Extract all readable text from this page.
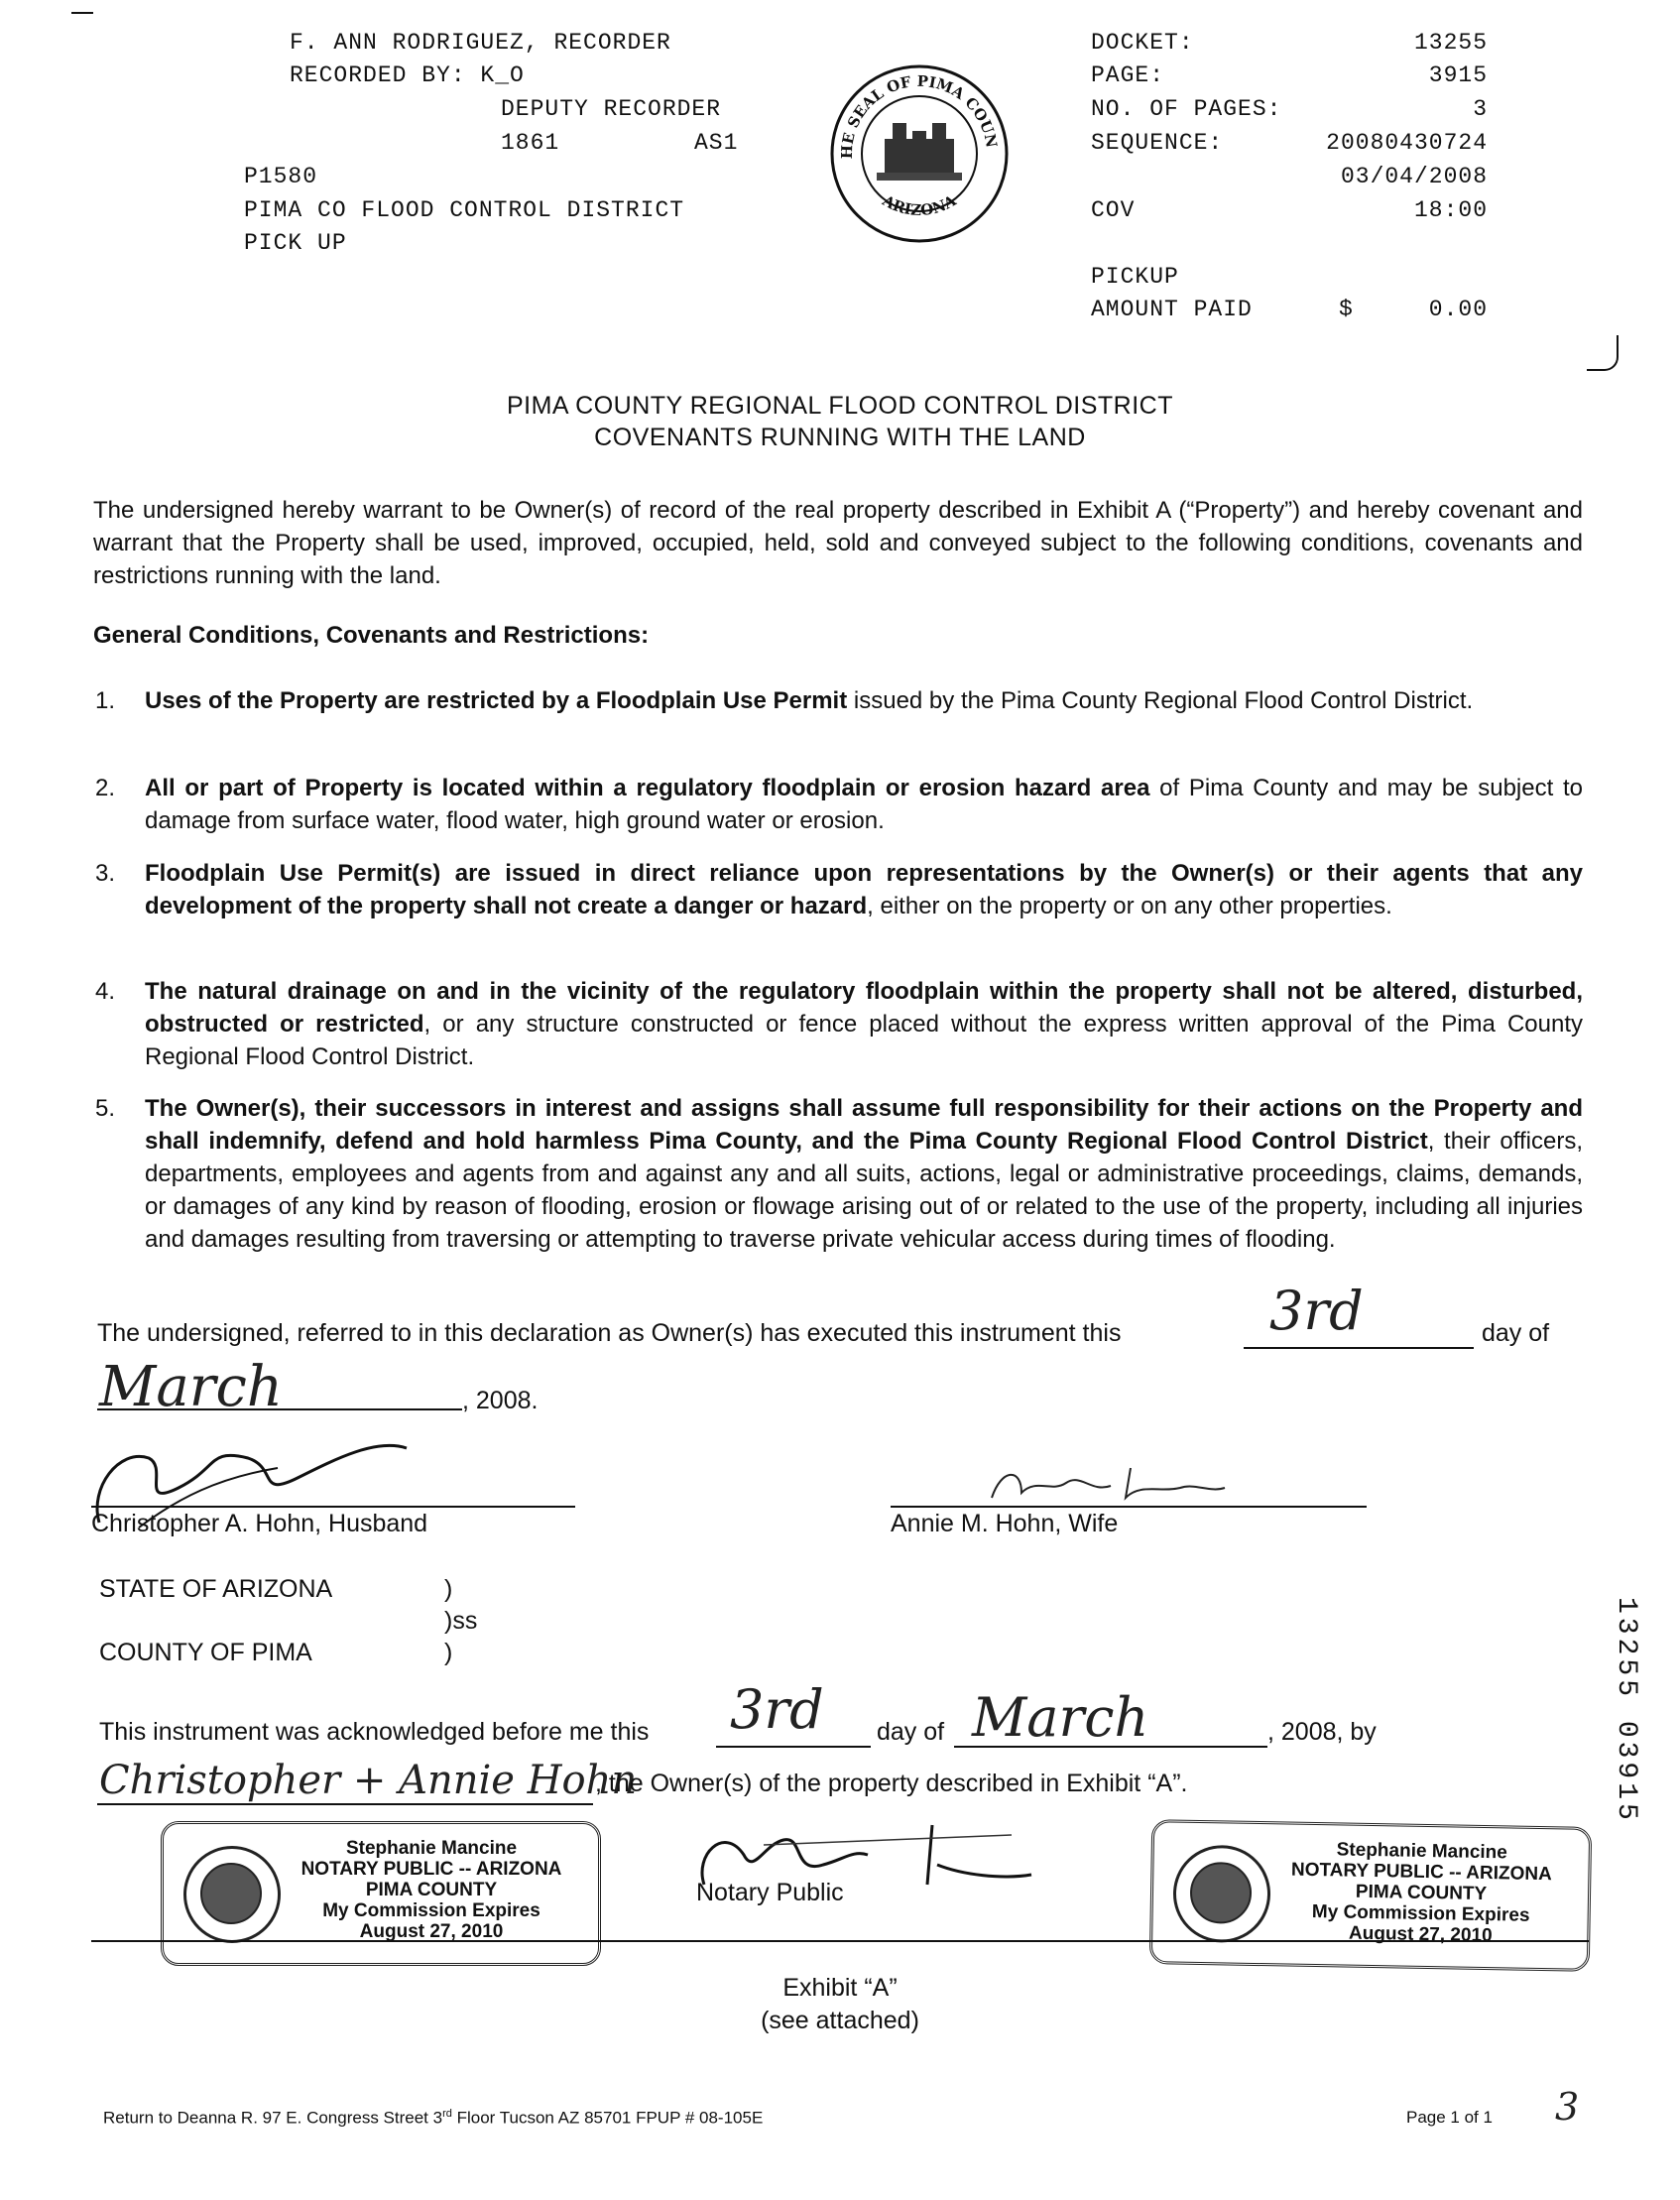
F. ANN RODRIGUEZ, RECORDER
RECORDED BY: K_O
DEPUTY RECORDER
1861	AS1
P1580
PIMA CO FLOOD CONTROL DISTRICT
PICK UP
HE SEAL OF PIMA COUN
ARIZONA
DOCKET:	13255
PAGE:	3915
NO. OF PAGES:	3
SEQUENCE:	20080430724
03/04/2008
COV	18:00
PICKUP
AMOUNT PAID	$	0.00
PIMA COUNTY REGIONAL FLOOD CONTROL DISTRICT
COVENANTS RUNNING WITH THE LAND
The undersigned hereby warrant to be Owner(s) of record of the real property described in Exhibit A (“Property”) and hereby covenant and warrant that the Property shall be used, improved, occupied, held, sold and conveyed subject to the following conditions, covenants and restrictions running with the land.
General Conditions, Covenants and Restrictions:
1. Uses of the Property are restricted by a Floodplain Use Permit issued by the Pima County Regional Flood Control District.
2. All or part of Property is located within a regulatory floodplain or erosion hazard area of Pima County and may be subject to damage from surface water, flood water, high ground water or erosion.
3. Floodplain Use Permit(s) are issued in direct reliance upon representations by the Owner(s) or their agents that any development of the property shall not create a danger or hazard, either on the property or on any other properties.
4. The natural drainage on and in the vicinity of the regulatory floodplain within the property shall not be altered, disturbed, obstructed or restricted, or any structure constructed or fence placed without the express written approval of the Pima County Regional Flood Control District.
5. The Owner(s), their successors in interest and assigns shall assume full responsibility for their actions on the Property and shall indemnify, defend and hold harmless Pima County, and the Pima County Regional Flood Control District, their officers, departments, employees and agents from and against any and all suits, actions, legal or administrative proceedings, claims, demands, or damages of any kind by reason of flooding, erosion or flowage arising out of or related to the use of the property, including all injuries and damages resulting from traversing or attempting to traverse private vehicular access during times of flooding.
The undersigned, referred to in this declaration as Owner(s) has executed this instrument this	3rd	day of
March	, 2008.
Christopher A. Hohn, Husband	Annie M. Hohn, Wife
STATE OF ARIZONA	)
)ss
COUNTY OF PIMA	)
This instrument was acknowledged before me this 3rd day of March	, 2008, by
Christopher + Annie Hohn
, the Owner(s) of the property described in Exhibit “A”.
Stephanie Mancine
NOTARY PUBLIC -- ARIZONA
PIMA COUNTY
My Commission Expires
August 27, 2010
Stephanie Mancine
NOTARY PUBLIC -- ARIZONA
PIMA COUNTY
My Commission Expires
August 27, 2010
Notary Public
Exhibit “A”
(see attached)
13255 03915
Return to Deanna R. 97 E. Congress Street 3rd Floor Tucson AZ 85701 FPUP # 08-105E	Page 1 of 1 3
